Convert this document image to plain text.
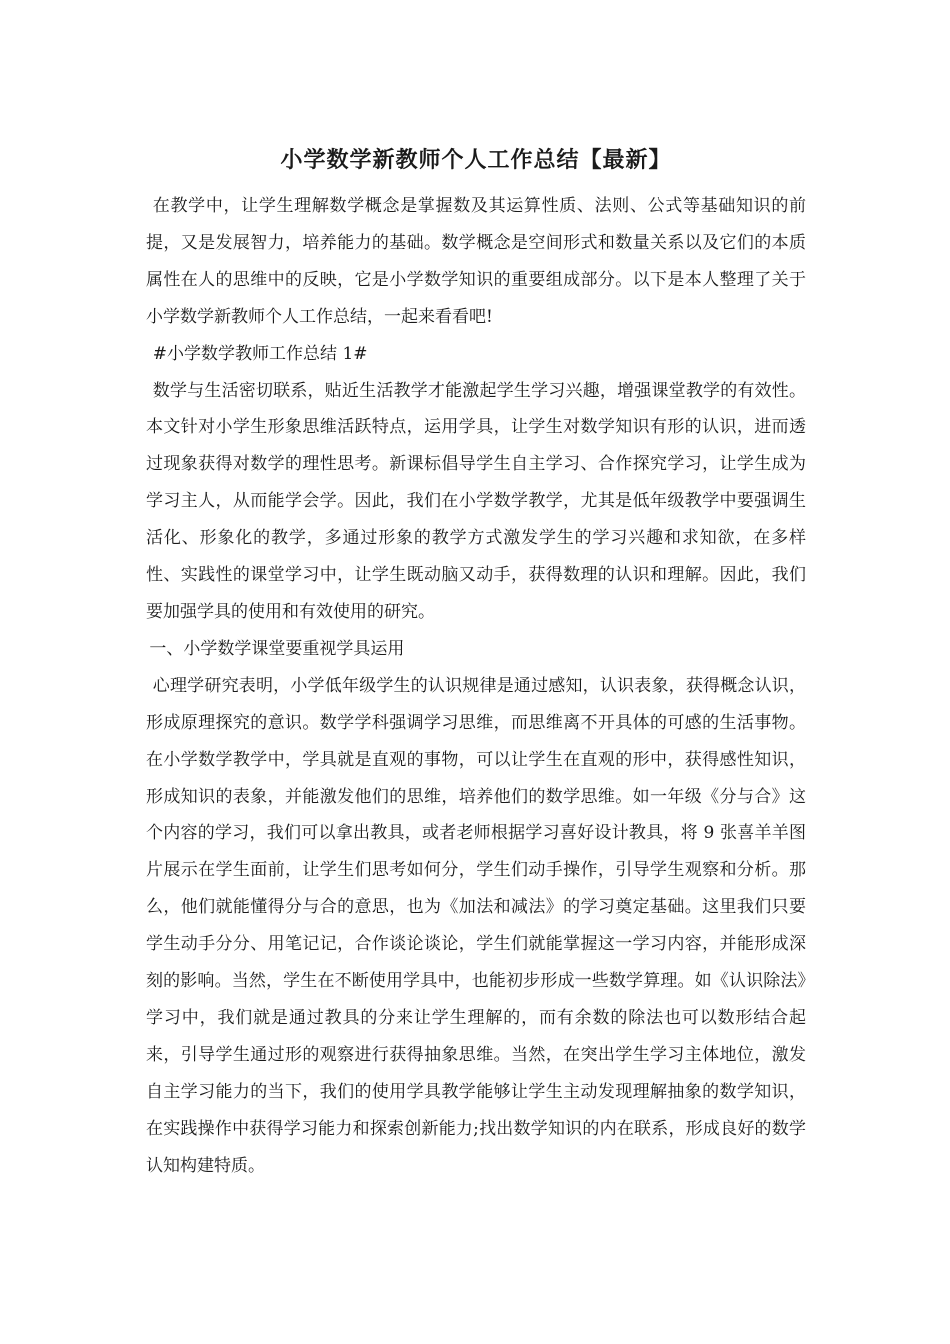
小学数学新教师个人工作总结【最新】

在教学中，让学生理解数学概念是掌握数及其运算性质、法则、公式等基础知识的前提，又是发展智力，培养能力的基础。数学概念是空间形式和数量关系以及它们的本质属性在人的思维中的反映，它是小学数学知识的重要组成部分。以下是本人整理了关于小学数学新教师个人工作总结，一起来看看吧!

#小学数学教师工作总结 1#

数学与生活密切联系，贴近生活教学才能激起学生学习兴趣，增强课堂教学的有效性。本文针对小学生形象思维活跃特点，运用学具，让学生对数学知识有形的认识，进而透过现象获得对数学的理性思考。新课标倡导学生自主学习、合作探究学习，让学生成为学习主人，从而能学会学。因此，我们在小学数学教学，尤其是低年级教学中要强调生活化、形象化的教学，多通过形象的教学方式激发学生的学习兴趣和求知欲，在多样性、实践性的课堂学习中，让学生既动脑又动手，获得数理的认识和理解。因此，我们要加强学具的使用和有效使用的研究。

一、小学数学课堂要重视学具运用

心理学研究表明，小学低年级学生的认识规律是通过感知，认识表象，获得概念认识，形成原理探究的意识。数学学科强调学习思维，而思维离不开具体的可感的生活事物。在小学数学教学中，学具就是直观的事物，可以让学生在直观的形中，获得感性知识，形成知识的表象，并能激发他们的思维，培养他们的数学思维。如一年级《分与合》这个内容的学习，我们可以拿出教具，或者老师根据学习喜好设计教具，将 9 张喜羊羊图片展示在学生面前，让学生们思考如何分，学生们动手操作，引导学生观察和分析。那么，他们就能懂得分与合的意思，也为《加法和减法》的学习奠定基础。这里我们只要学生动手分分、用笔记记，合作谈论谈论，学生们就能掌握这一学习内容，并能形成深刻的影响。当然，学生在不断使用学具中，也能初步形成一些数学算理。如《认识除法》学习中，我们就是通过教具的分来让学生理解的，而有余数的除法也可以数形结合起来，引导学生通过形的观察进行获得抽象思维。当然，在突出学生学习主体地位，激发自主学习能力的当下，我们的使用学具教学能够让学生主动发现理解抽象的数学知识，在实践操作中获得学习能力和探索创新能力;找出数学知识的内在联系，形成良好的数学认知构建特质。
